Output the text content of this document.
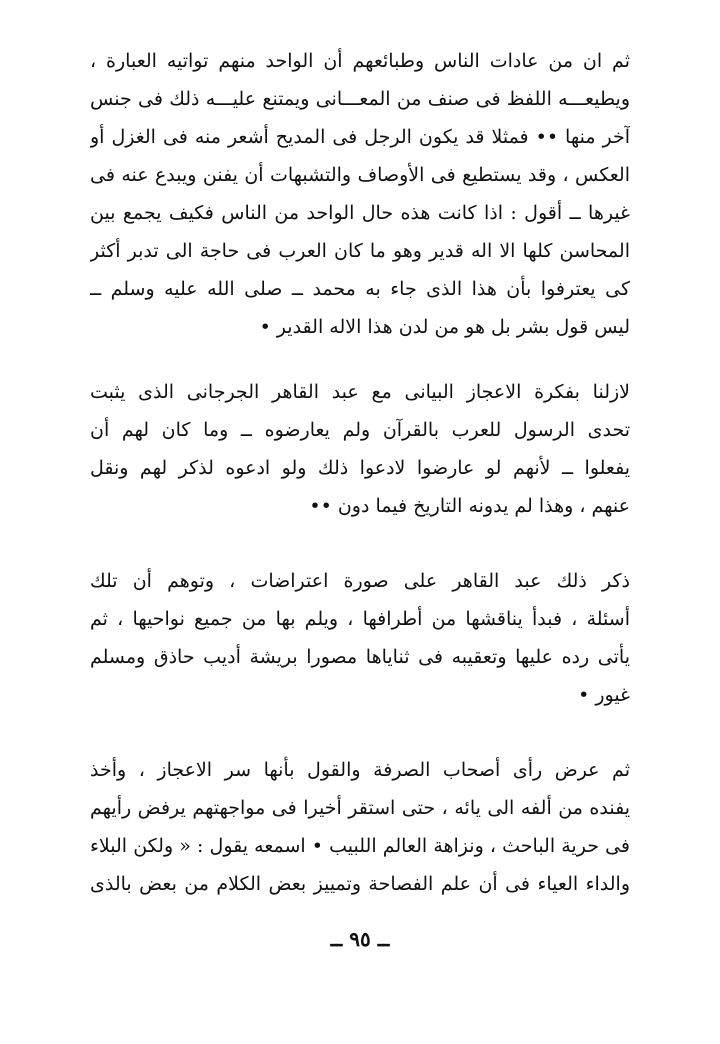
ثم ان من عادات الناس وطبائعهم أن الواحد منهم تواتيه العبارة ،
ويطيعـــه اللفظ فى صنف من المعـــانى ويمتنع عليـــه ذلك فى جنس
آخر منها •• فمثلا قد يكون الرجل فى المديح أشعر منه فى الغزل أو
العكس ، وقد يستطيع فى الأوصاف والتشبهات أن يفنن ويبدع عنه فى
غيرها ــ أقول : اذا كانت هذه حال الواحد من الناس فكيف يجمع بين
المحاسن كلها الا اله قدير وهو ما كان العرب فى حاجة الى تدبر أكثر
كى يعترفوا بأن هذا الذى جاء به محمد ــ صلى الله عليه وسلم ــ
ليس قول بشر بل هو من لدن هذا الاله القدير •
لازلنا بفكرة الاعجاز البيانى مع عبد القاهر الجرجانى الذى يثبت
تحدى الرسول للعرب بالقرآن ولم يعارضوه ــ وما كان لهم أن
يفعلوا ــ لأنهم لو عارضوا لادعوا ذلك ولو ادعوه لذكر لهم ونقل
عنهم ، وهذا لم يدونه التاريخ فيما دون ••
ذكر ذلك عبد القاهر على صورة اعتراضات ، وتوهم أن تلك
أسئلة ، فبدأ يناقشها من أطرافها ، ويلم بها من جميع نواحيها ، ثم
يأتى رده عليها وتعقيبه فى ثناياها مصورا بريشة أديب حاذق ومسلم
غيور •
ثم عرض رأى أصحاب الصرفة والقول بأنها سر الاعجاز ، وأخذ
يفنده من ألفه الى يائه ، حتى استقر أخيرا فى مواجهتهم يرفض رأيهم
فى حرية الباحث ، ونزاهة العالم اللبيب • اسمعه يقول : « ولكن البلاء
والداء العياء فى أن علم الفصاحة وتمييز بعض الكلام من بعض بالذى
ــ ٩٥ ــ
